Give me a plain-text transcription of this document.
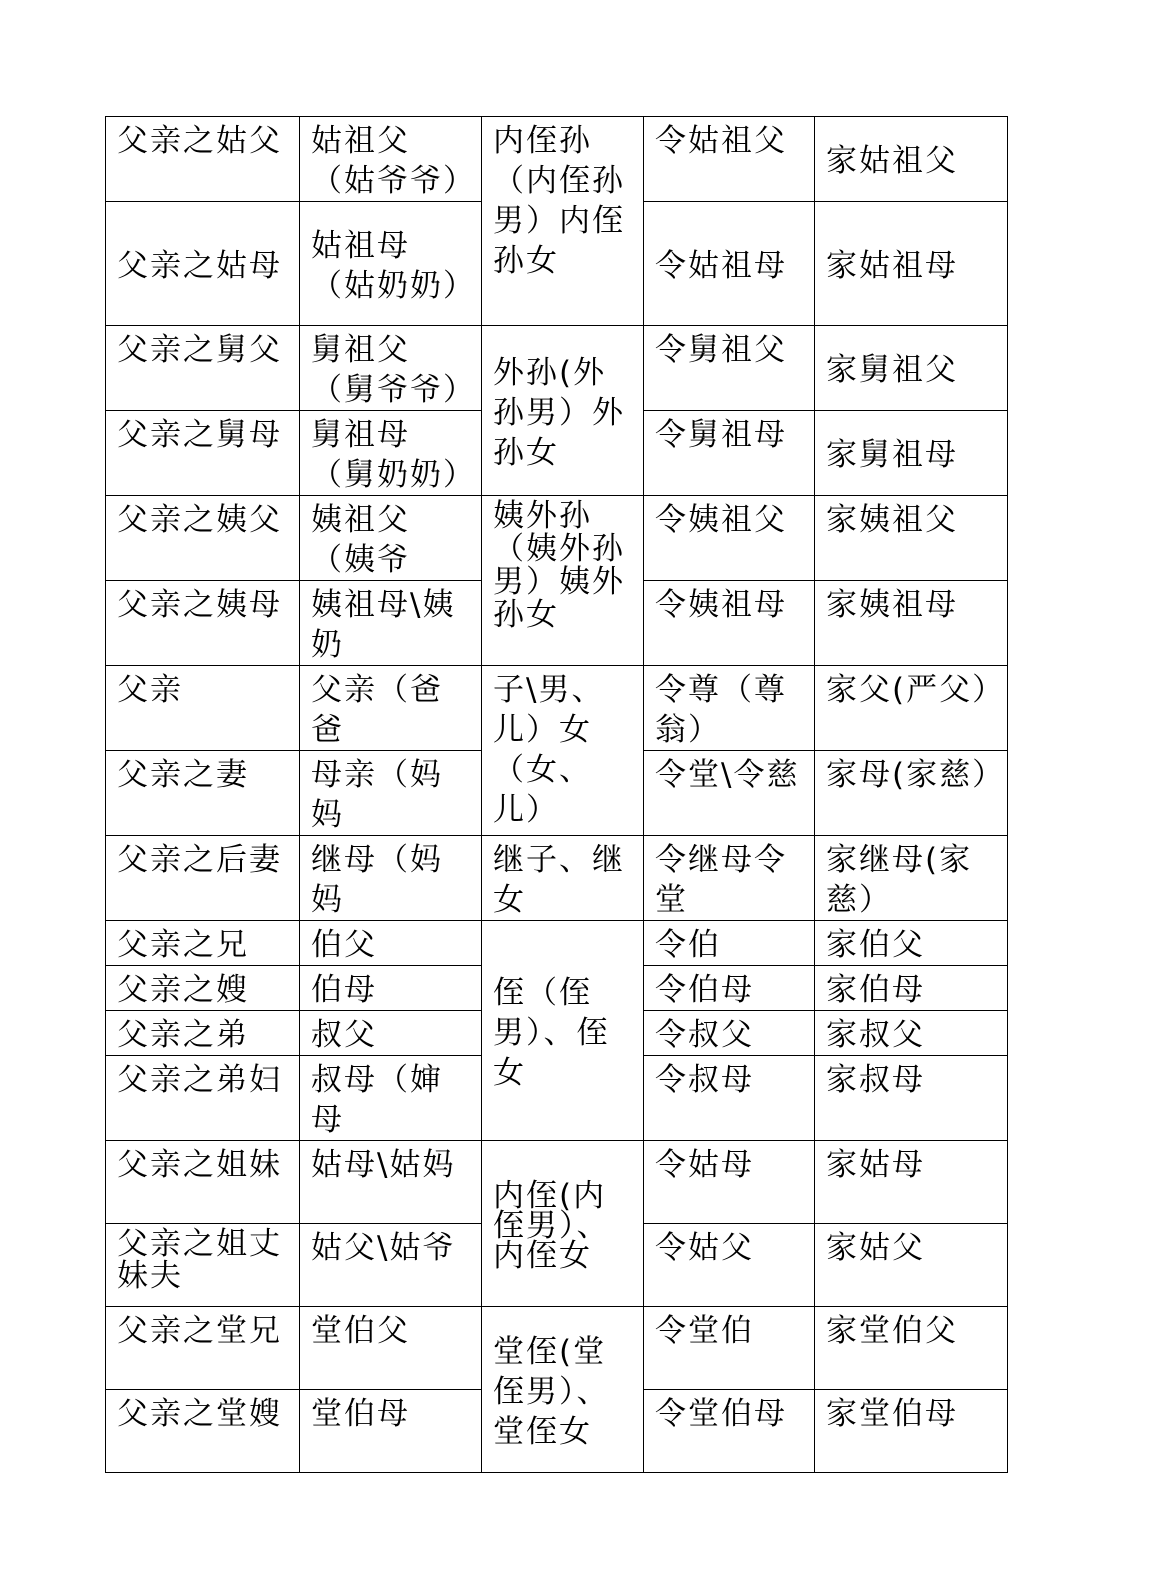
父亲之姑父	姑祖父（姑爷爷）	内侄孙（内侄孙男）内侄孙女	令姑祖父	家姑祖父
父亲之姑母	姑祖母（姑奶奶）		令姑祖母	家姑祖母
父亲之舅父	舅祖父（舅爷爷）	外孙(外孙男）外孙女	令舅祖父	家舅祖父
父亲之舅母	舅祖母（舅奶奶）		令舅祖母	家舅祖母
父亲之姨父	姨祖父（姨爷	姨外孙（姨外孙男）姨外孙女	令姨祖父	家姨祖父
父亲之姨母	姨祖母\姨奶		令姨祖母	家姨祖母
父亲	父亲（爸爸	子\男、儿）女（女、儿）	令尊（尊翁）	家父(严父）
父亲之妻	母亲（妈妈		令堂\令慈	家母(家慈）
父亲之后妻	继母（妈妈	继子、继女	令继母令堂	家继母(家慈）
父亲之兄	伯父	侄（侄男）、侄女	令伯	家伯父
父亲之嫂	伯母		令伯母	家伯母
父亲之弟	叔父		令叔父	家叔父
父亲之弟妇	叔母（婶母		令叔母	家叔母
父亲之姐妹	姑母\姑妈	内侄(内侄男）、内侄女	令姑母	家姑母
父亲之姐丈妹夫	姑父\姑爷		令姑父	家姑父
父亲之堂兄	堂伯父	堂侄(堂侄男）、堂侄女	令堂伯	家堂伯父
父亲之堂嫂	堂伯母		令堂伯母	家堂伯母
